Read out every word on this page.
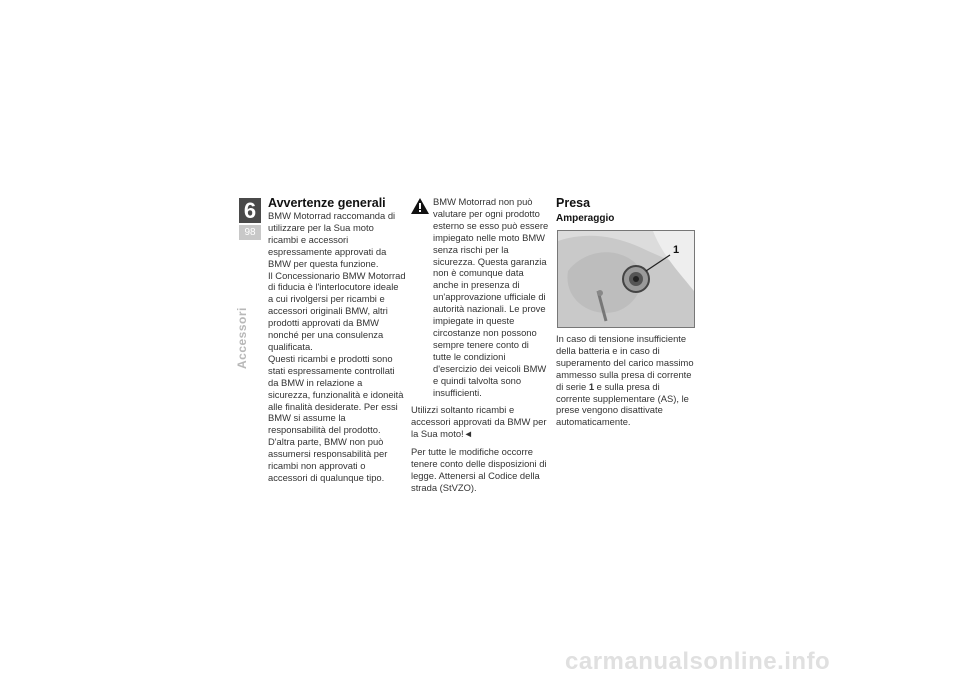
6
98
Accessori
Avvertenze generali

BMW Motorrad raccomanda di utilizzare per la Sua moto ricambi e accessori espressamente approvati da BMW per questa funzione.

Il Concessionario BMW Motorrad di fiducia è l'interlocutore ideale a cui rivolgersi per ricambi e accessori originali BMW, altri prodotti approvati da BMW nonché per una consulenza qualificata.

Questi ricambi e prodotti sono stati espressamente controllati da BMW in relazione a sicurezza, funzionalità e idoneità alle finalità desiderate. Per essi BMW si assume la responsabilità del prodotto.

D'altra parte, BMW non può assumersi responsabilità per ricambi non approvati o accessori di qualunque tipo.

BMW Motorrad non può valutare per ogni prodotto esterno se esso può essere impiegato nelle moto BMW senza rischi per la sicurezza. Questa garanzia non è comunque data anche in presenza di un'approvazione ufficiale di autorità nazionali. Le prove impiegate in queste circostanze non possono sempre tenere conto di tutte le condizioni d'esercizio dei veicoli BMW e quindi talvolta sono insufficienti.

Utilizzi soltanto ricambi e accessori approvati da BMW per la Sua moto!◄

Per tutte le modifiche occorre tenere conto delle disposizioni di legge. Attenersi al Codice della strada (StVZO).

Presa
Amperaggio
1
In caso di tensione insufficiente della batteria e in caso di superamento del carico massimo ammesso sulla presa di corrente di serie 1 e sulla presa di corrente supplementare (AS), le prese vengono disattivate automaticamente.
carmanualsonline.info
